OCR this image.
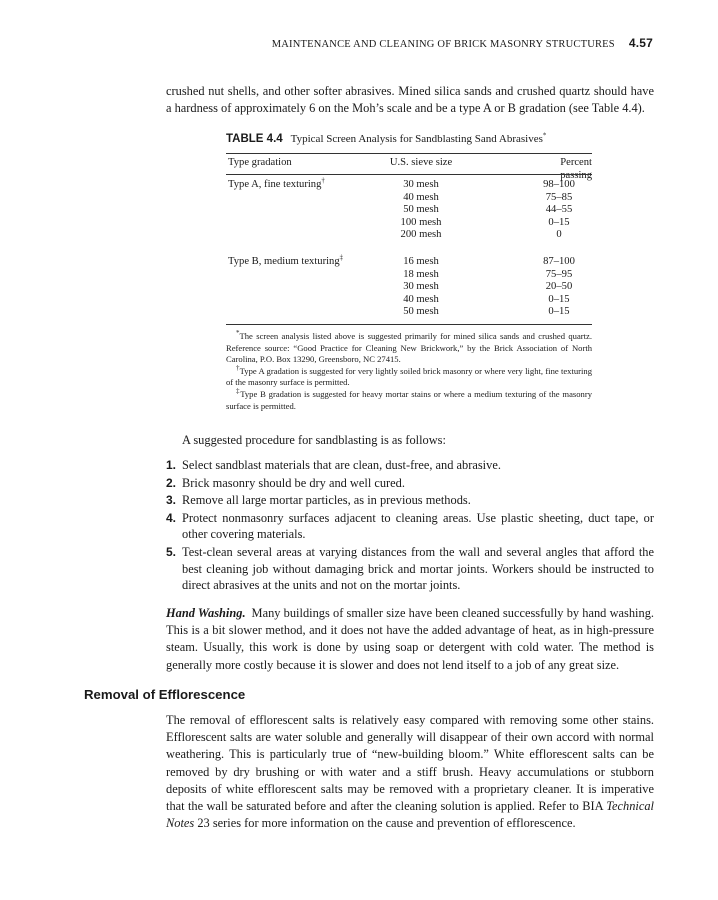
MAINTENANCE AND CLEANING OF BRICK MASONRY STRUCTURES 4.57
crushed nut shells, and other softer abrasives. Mined silica sands and crushed quartz should have a hardness of approximately 6 on the Moh’s scale and be a type A or B gradation (see Table 4.4).
TABLE 4.4 Typical Screen Analysis for Sandblasting Sand Abrasives*
Type gradation	U.S. sieve size	Percent passing
Type A, fine texturing†	30 mesh	98–100
40 mesh	75–85
50 mesh	44–55
100 mesh	0–15
200 mesh	0
Type B, medium texturing‡	16 mesh	87–100
18 mesh	75–95
30 mesh	20–50
40 mesh	0–15
50 mesh	0–15

*The screen analysis listed above is suggested primarily for mined silica sands and crushed quartz. Reference source: “Good Practice for Cleaning New Brickwork,” by the Brick Association of North Carolina, P.O. Box 13290, Greensboro, NC 27415.

†Type A gradation is suggested for very lightly soiled brick masonry or where very light, fine texturing of the masonry surface is permitted.

‡Type B gradation is suggested for heavy mortar stains or where a medium texturing of the masonry surface is permitted.

A suggested procedure for sandblasting is as follows:
1. Select sandblast materials that are clean, dust-free, and abrasive.
2. Brick masonry should be dry and well cured.
3. Remove all large mortar particles, as in previous methods.
4. Protect nonmasonry surfaces adjacent to cleaning areas. Use plastic sheeting, duct tape, or other covering materials.
5. Test-clean several areas at varying distances from the wall and several angles that afford the best cleaning job without damaging brick and mortar joints. Workers should be instructed to direct abrasives at the units and not on the mortar joints.
Hand Washing. Many buildings of smaller size have been cleaned successfully by hand washing. This is a bit slower method, and it does not have the added advantage of heat, as in high-pressure steam. Usually, this work is done by using soap or detergent with cold water. The method is generally more costly because it is slower and does not lend itself to a job of any great size.
Removal of Efflorescence
The removal of efflorescent salts is relatively easy compared with removing some other stains. Efflorescent salts are water soluble and generally will disappear of their own accord with normal weathering. This is particularly true of “new-building bloom.” White efflorescent salts can be removed by dry brushing or with water and a stiff brush. Heavy accumulations or stubborn deposits of white efflorescent salts may be removed with a proprietary cleaner. It is imperative that the wall be saturated before and after the cleaning solution is applied. Refer to BIA Technical Notes 23 series for more information on the cause and prevention of efflorescence.
